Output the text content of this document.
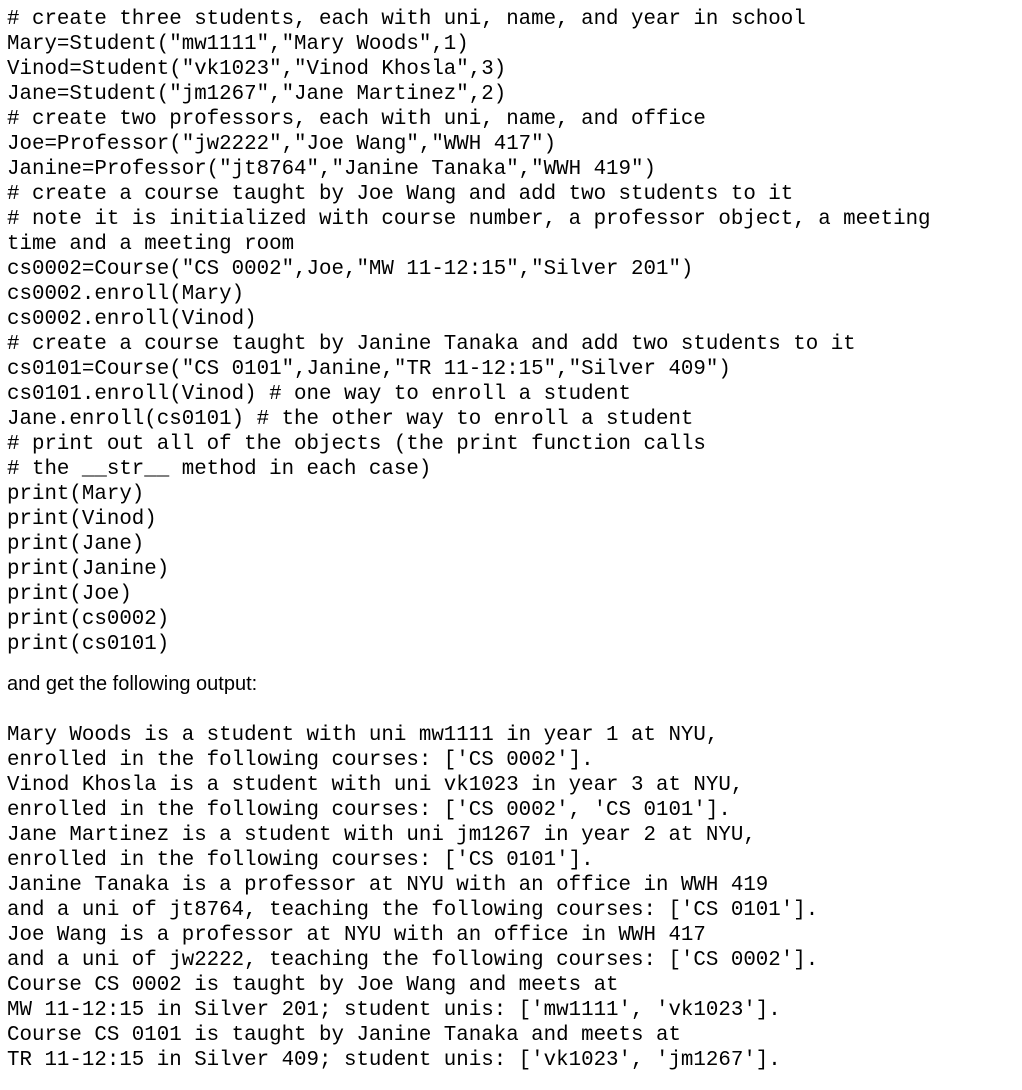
# create three students, each with uni, name, and year in school
Mary=Student("mw1111","Mary Woods",1)
Vinod=Student("vk1023","Vinod Khosla",3)
Jane=Student("jm1267","Jane Martinez",2)
# create two professors, each with uni, name, and office
Joe=Professor("jw2222","Joe Wang","WWH 417")
Janine=Professor("jt8764","Janine Tanaka","WWH 419")
# create a course taught by Joe Wang and add two students to it
# note it is initialized with course number, a professor object, a meeting
time and a meeting room
cs0002=Course("CS 0002",Joe,"MW 11-12:15","Silver 201")
cs0002.enroll(Mary)
cs0002.enroll(Vinod)
# create a course taught by Janine Tanaka and add two students to it
cs0101=Course("CS 0101",Janine,"TR 11-12:15","Silver 409")
cs0101.enroll(Vinod) # one way to enroll a student
Jane.enroll(cs0101) # the other way to enroll a student
# print out all of the objects (the print function calls
# the __str__ method in each case)
print(Mary)
print(Vinod)
print(Jane)
print(Janine)
print(Joe)
print(cs0002)
print(cs0101)

and get the following output:

Mary Woods is a student with uni mw1111 in year 1 at NYU,
enrolled in the following courses: ['CS 0002'].
Vinod Khosla is a student with uni vk1023 in year 3 at NYU,
enrolled in the following courses: ['CS 0002', 'CS 0101'].
Jane Martinez is a student with uni jm1267 in year 2 at NYU,
enrolled in the following courses: ['CS 0101'].
Janine Tanaka is a professor at NYU with an office in WWH 419
and a uni of jt8764, teaching the following courses: ['CS 0101'].
Joe Wang is a professor at NYU with an office in WWH 417
and a uni of jw2222, teaching the following courses: ['CS 0002'].
Course CS 0002 is taught by Joe Wang and meets at
MW 11-12:15 in Silver 201; student unis: ['mw1111', 'vk1023'].
Course CS 0101 is taught by Janine Tanaka and meets at
TR 11-12:15 in Silver 409; student unis: ['vk1023', 'jm1267'].
